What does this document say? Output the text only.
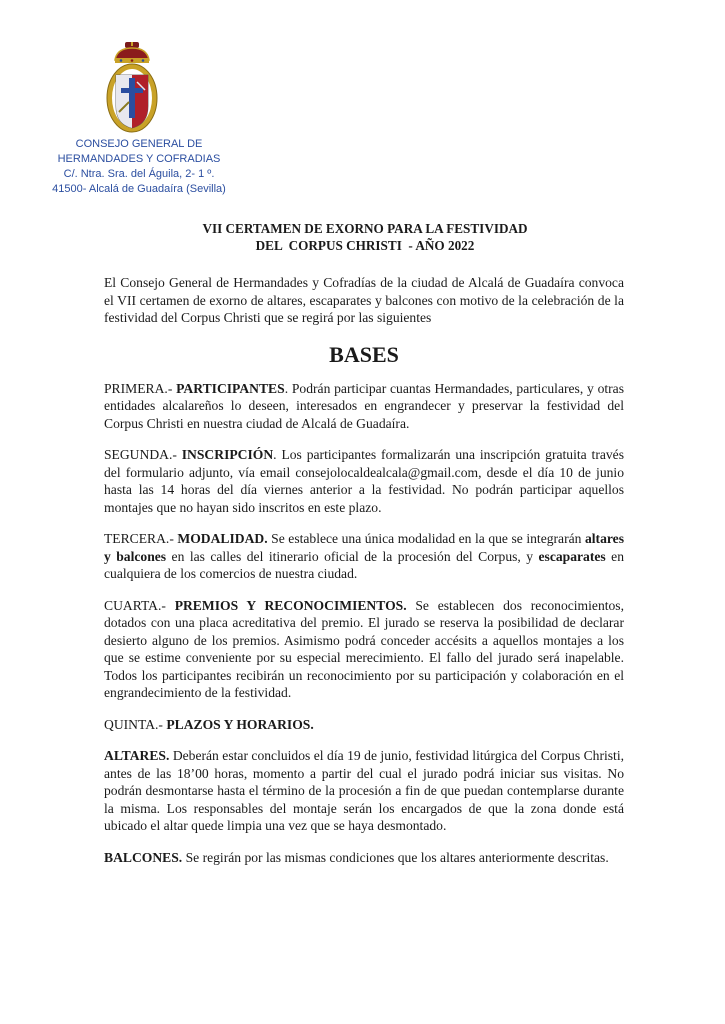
CONSEJO GENERAL DE
HERMANDADES Y COFRADIAS
C/. Ntra. Sra. del Águila, 2- 1 º.
41500- Alcalá de Guadaíra (Sevilla)
VII CERTAMEN DE EXORNO PARA LA FESTIVIDAD
DEL  CORPUS CHRISTI  - AÑO 2022

El Consejo General de Hermandades y Cofradías de la ciudad de Alcalá de Guadaíra convoca el VII certamen de exorno de altares, escaparates y balcones con motivo de la celebración de la festividad del Corpus Christi que se regirá por las siguientes

BASES

PRIMERA.- PARTICIPANTES. Podrán participar cuantas Hermandades, particulares, y otras entidades alcalareños lo deseen, interesados en engrandecer y preservar la festividad del Corpus Christi en nuestra ciudad de Alcalá de Guadaíra.

SEGUNDA.- INSCRIPCIÓN. Los participantes formalizarán una inscripción gratuita través del formulario adjunto, vía email consejolocaldealcala@gmail.com, desde el día 10 de junio hasta las 14 horas del día viernes anterior a la festividad. No podrán participar aquellos montajes que no hayan sido inscritos en este plazo.

TERCERA.- MODALIDAD. Se establece una única modalidad en la que se integrarán altares y balcones en las calles del itinerario oficial de la procesión del Corpus, y escaparates en cualquiera de los comercios de nuestra ciudad.

CUARTA.- PREMIOS Y RECONOCIMIENTOS. Se establecen dos reconocimientos, dotados con una placa acreditativa del premio. El jurado se reserva la posibilidad de declarar desierto alguno de los premios. Asimismo podrá conceder accésits a aquellos montajes a los que se estime conveniente por su especial merecimiento. El fallo del jurado será inapelable. Todos los participantes recibirán un reconocimiento por su participación y colaboración en el engrandecimiento de la festividad.

QUINTA.- PLAZOS Y HORARIOS.

ALTARES. Deberán estar concluidos el día 19 de junio, festividad litúrgica del Corpus Christi, antes de las 18’00 horas, momento a partir del cual el jurado podrá iniciar sus visitas. No podrán desmontarse hasta el término de la procesión a fin de que puedan contemplarse durante la misma. Los responsables del montaje serán los encargados de que la zona donde está ubicado el altar quede limpia una vez que se haya desmontado.

BALCONES. Se regirán por las mismas condiciones que los altares anteriormente descritas.
